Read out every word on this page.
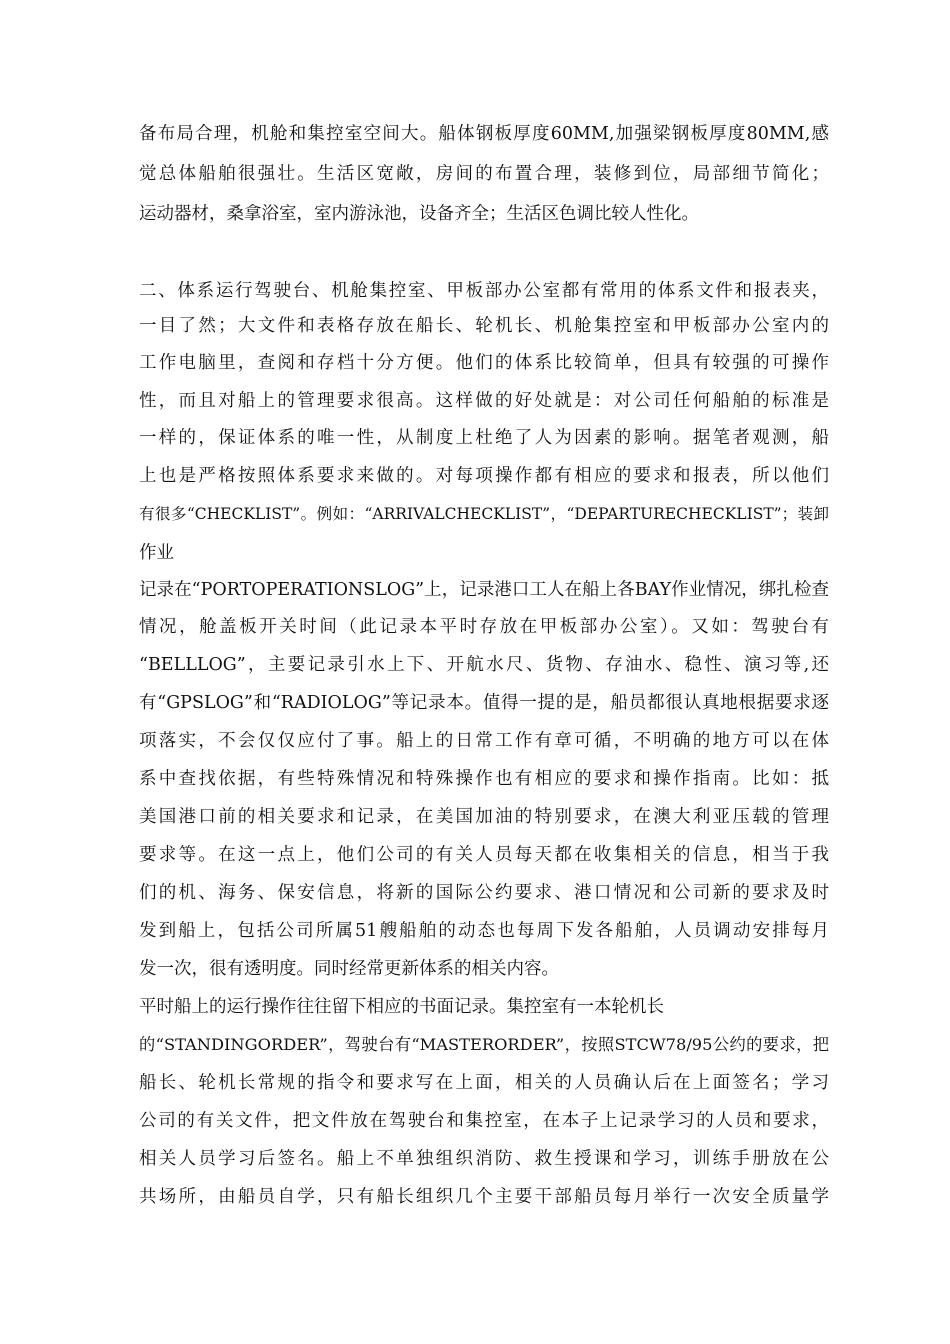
备布局合理，机舱和集控室空间大。船体钢板厚度60MM,加强梁钢板厚度80MM,感
觉总体船舶很强壮。生活区宽敞，房间的布置合理，装修到位，局部细节简化；
运动器材，桑拿浴室，室内游泳池，设备齐全；生活区色调比较人性化。
二、体系运行驾驶台、机舱集控室、甲板部办公室都有常用的体系文件和报表夹，
一目了然；大文件和表格存放在船长、轮机长、机舱集控室和甲板部办公室内的
工作电脑里，查阅和存档十分方便。他们的体系比较简单，但具有较强的可操作
性，而且对船上的管理要求很高。这样做的好处就是：对公司任何船舶的标准是
一样的，保证体系的唯一性，从制度上杜绝了人为因素的影响。据笔者观测，船
上也是严格按照体系要求来做的。对每项操作都有相应的要求和报表，所以他们
有很多“CHECKLIST”。例如：“ARRIVALCHECKLIST”，“DEPARTURECHECKLIST”；装卸
作业
记录在“PORTOPERATIONSLOG”上，记录港口工人在船上各BAY作业情况，绑扎检查
情况，舱盖板开关时间（此记录本平时存放在甲板部办公室）。又如：驾驶台有
“BELLLOG”，主要记录引水上下、开航水尺、货物、存油水、稳性、演习等,还
有“GPSLOG”和“RADIOLOG”等记录本。值得一提的是，船员都很认真地根据要求逐
项落实，不会仅仅应付了事。船上的日常工作有章可循，不明确的地方可以在体
系中查找依据，有些特殊情况和特殊操作也有相应的要求和操作指南。比如：抵
美国港口前的相关要求和记录，在美国加油的特别要求，在澳大利亚压载的管理
要求等。在这一点上，他们公司的有关人员每天都在收集相关的信息，相当于我
们的机、海务、保安信息，将新的国际公约要求、港口情况和公司新的要求及时
发到船上，包括公司所属51艘船舶的动态也每周下发各船舶，人员调动安排每月
发一次，很有透明度。同时经常更新体系的相关内容。
平时船上的运行操作往往留下相应的书面记录。集控室有一本轮机长
的“STANDINGORDER”，驾驶台有“MASTERORDER”，按照STCW78/95公约的要求，把
船长、轮机长常规的指令和要求写在上面，相关的人员确认后在上面签名；学习
公司的有关文件，把文件放在驾驶台和集控室，在本子上记录学习的人员和要求，
相关人员学习后签名。船上不单独组织消防、救生授课和学习，训练手册放在公
共场所，由船员自学，只有船长组织几个主要干部船员每月举行一次安全质量学
